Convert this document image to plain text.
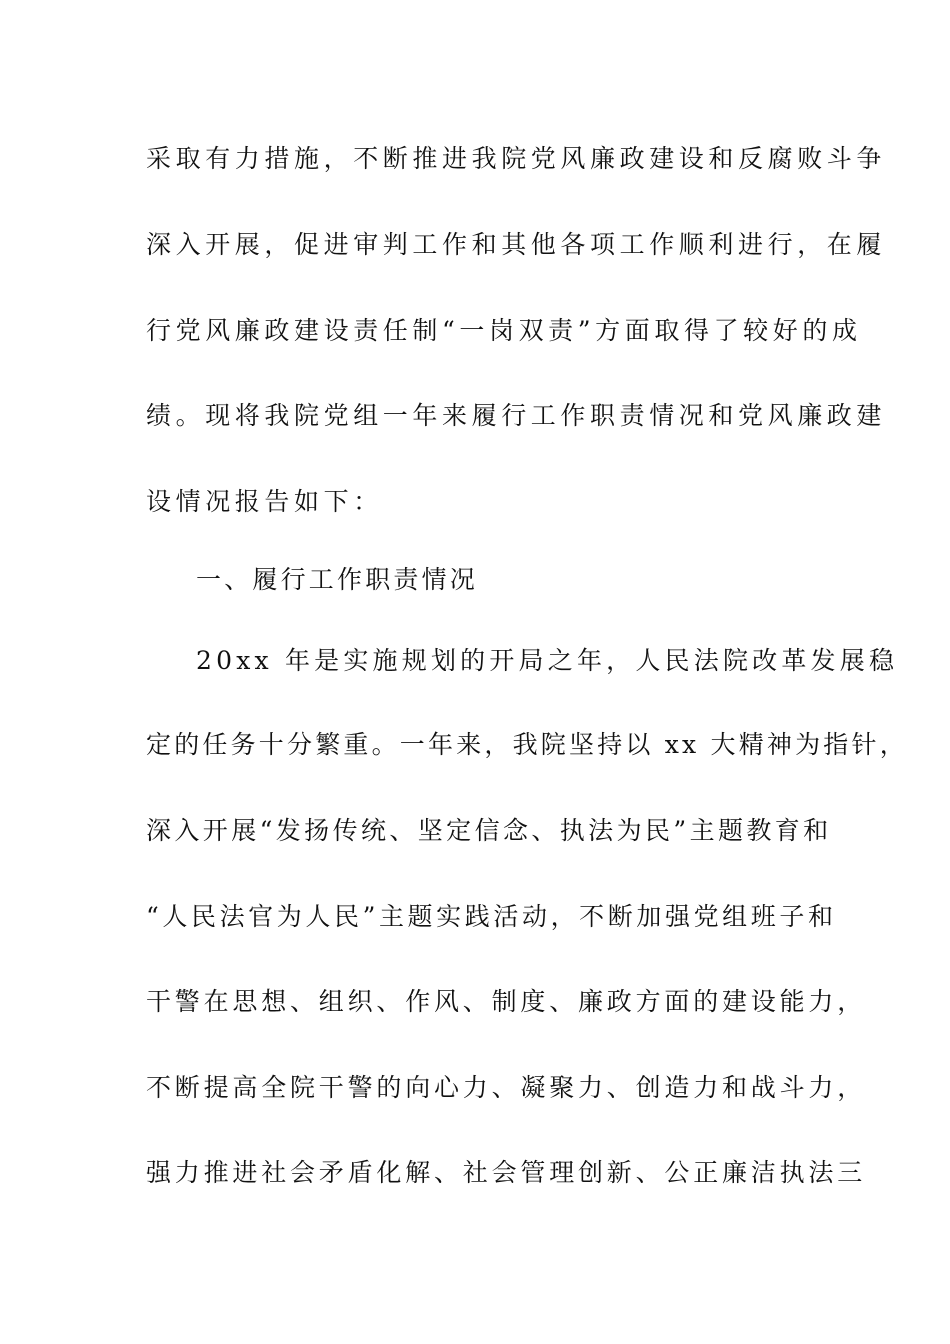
采取有力措施，不断推进我院党风廉政建设和反腐败斗争
深入开展，促进审判工作和其他各项工作顺利进行，在履
行党风廉政建设责任制“一岗双责”方面取得了较好的成
绩。现将我院党组一年来履行工作职责情况和党风廉政建
设情况报告如下：
一、履行工作职责情况
20xx 年是实施规划的开局之年，人民法院改革发展稳
定的任务十分繁重。一年来，我院坚持以 xx 大精神为指针，
深入开展“发扬传统、坚定信念、执法为民”主题教育和
“人民法官为人民”主题实践活动，不断加强党组班子和
干警在思想、组织、作风、制度、廉政方面的建设能力，
不断提高全院干警的向心力、凝聚力、创造力和战斗力，
强力推进社会矛盾化解、社会管理创新、公正廉洁执法三
